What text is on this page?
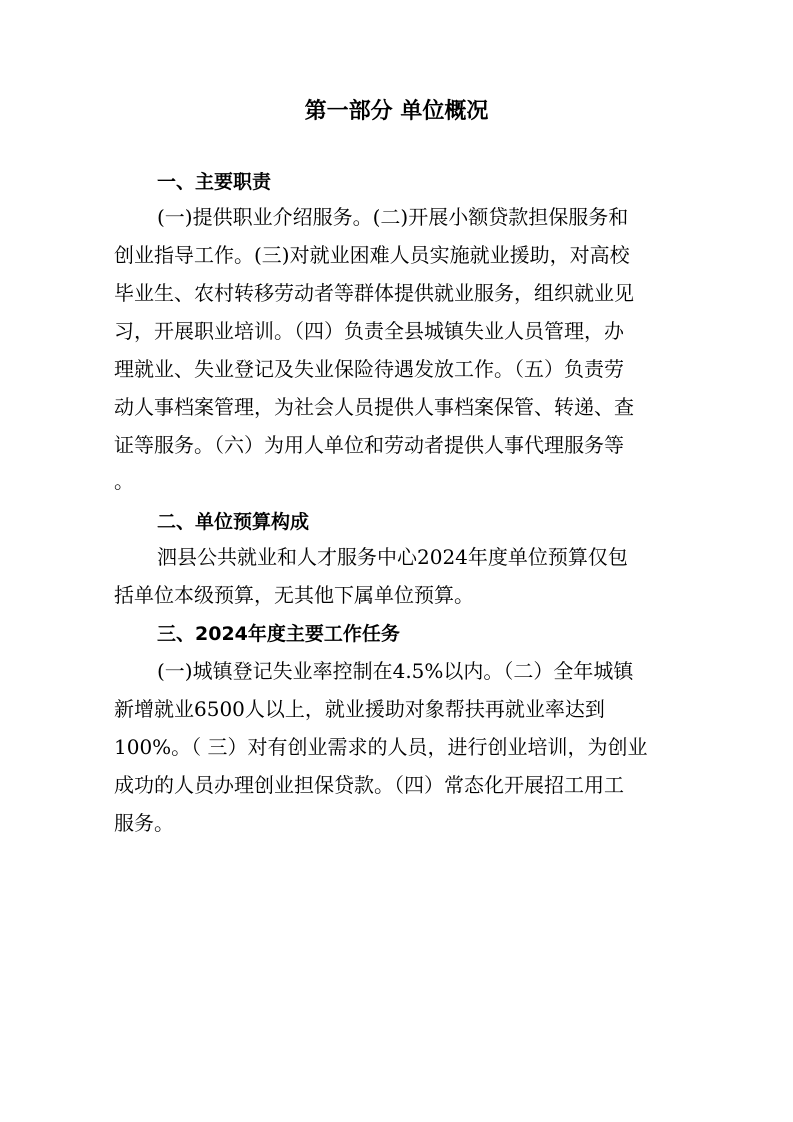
第一部分 单位概况
一、主要职责

(一)提供职业介绍服务。(二)开展小额贷款担保服务和

创业指导工作。(三)对就业困难人员实施就业援助，对高校

毕业生、农村转移劳动者等群体提供就业服务，组织就业见

习，开展职业培训。（四）负责全县城镇失业人员管理，办

理就业、失业登记及失业保险待遇发放工作。（五）负责劳

动人事档案管理，为社会人员提供人事档案保管、转递、查

证等服务。（六）为用人单位和劳动者提供人事代理服务等

。

二、单位预算构成

泗县公共就业和人才服务中心2024年度单位预算仅包

括单位本级预算，无其他下属单位预算。

三、2024年度主要工作任务

(一)城镇登记失业率控制在4.5%以内。（二）全年城镇

新增就业6500人以上，就业援助对象帮扶再就业率达到

100%。（ 三）对有创业需求的人员，进行创业培训，为创业

成功的人员办理创业担保贷款。（四）常态化开展招工用工

服务。
